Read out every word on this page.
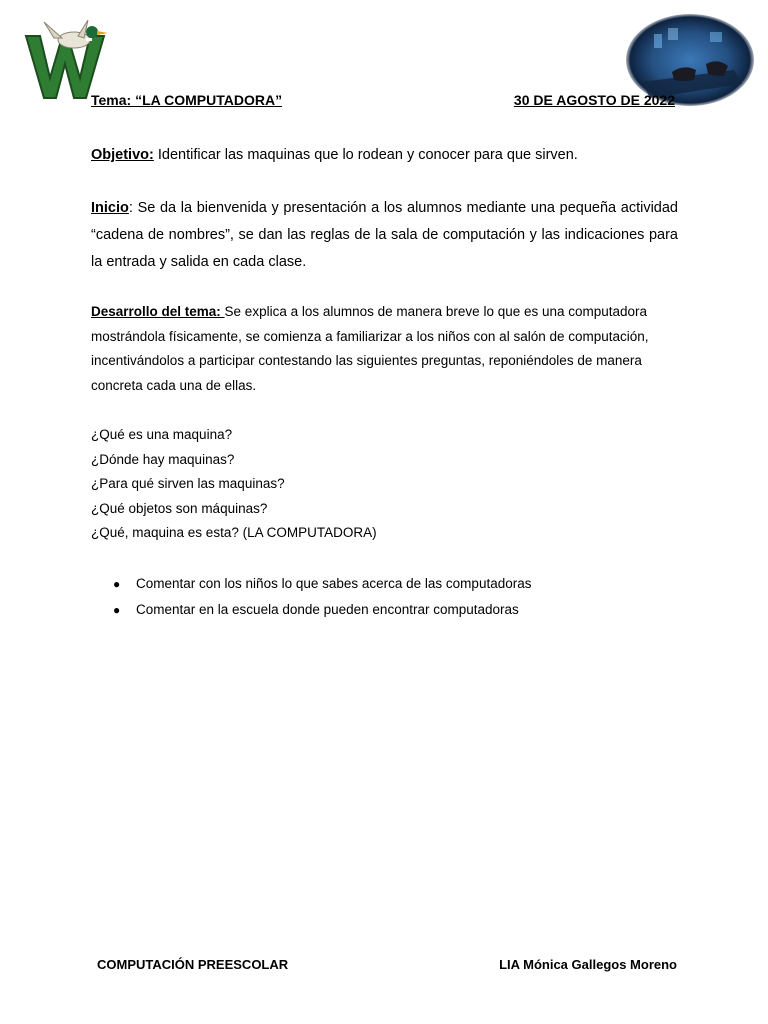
Tema: “LA COMPUTADORA”	30 DE AGOSTO DE 2022
Objetivo: Identificar las maquinas que lo rodean y conocer para que sirven.
Inicio: Se da la bienvenida y presentación a los alumnos mediante una pequeña actividad “cadena de nombres”, se dan las reglas de la sala de computación y las indicaciones para la entrada y salida en cada clase.
Desarrollo del tema: Se explica a los alumnos de manera breve lo que es una computadora mostrándola físicamente, se comienza a familiarizar a los niños con al salón de computación, incentivándolos a participar contestando las siguientes preguntas, reponiéndoles de manera concreta cada una de ellas.
¿Qué es una maquina?
¿Dónde hay maquinas?
¿Para qué sirven las maquinas?
¿Qué objetos son máquinas?
¿Qué, maquina es esta? (LA COMPUTADORA)
● Comentar con los niños lo que sabes acerca de las computadoras
● Comentar en la escuela donde pueden encontrar computadoras
COMPUTACIÓN PREESCOLAR	LIA Mónica Gallegos Moreno
